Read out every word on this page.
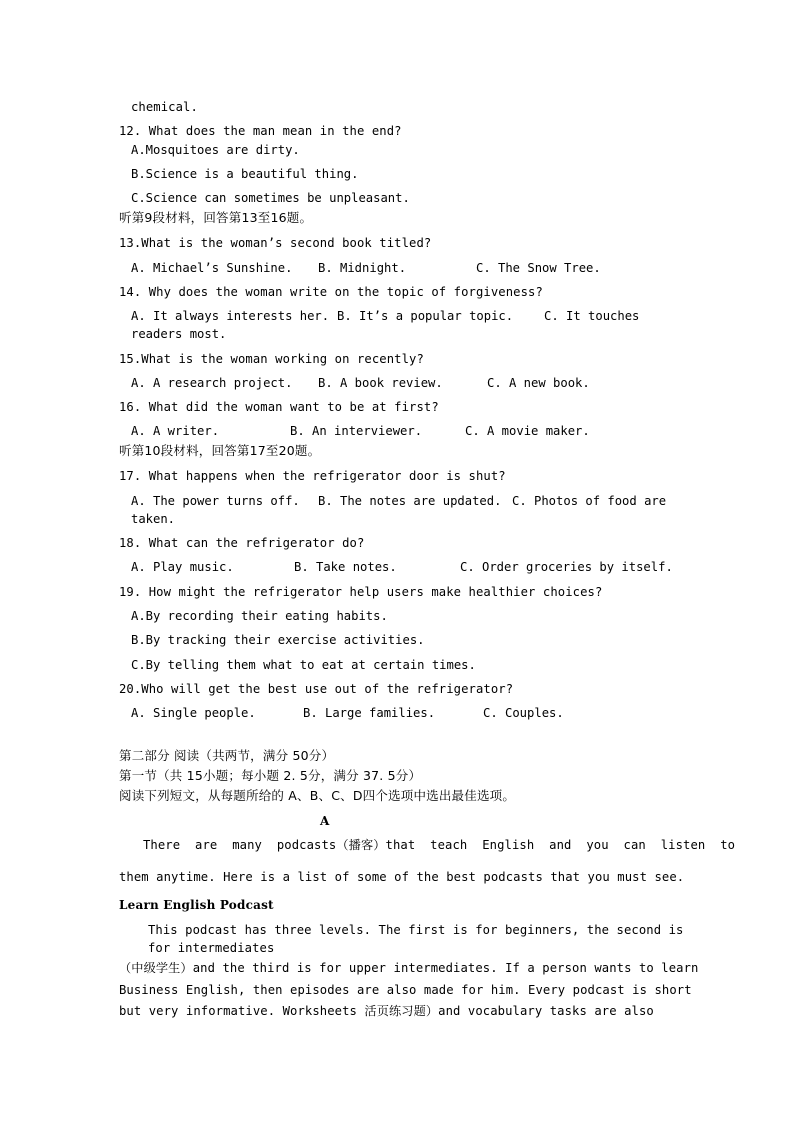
chemical.
12. What does the man mean in the end?
A.Mosquitoes are dirty.
B.Science is a beautiful thing.
C.Science can sometimes be unpleasant.
听第9段材料，回答第13至16题。
13.What is the woman’s second book titled?
A. Michael’s Sunshine. B. Midnight.	C. The Snow Tree.
14. Why does the woman write on the topic of forgiveness?
A. It always interests her. B. It’s a popular topic.	C. It touches
readers most.
15.What is the woman working on recently?
A. A research project. B. A book review.	C. A new book.
16. What did the woman want to be at first?
A. A writer.	B. An interviewer.	C. A movie maker.
听第10段材料，回答第17至20题。
17. What happens when the refrigerator door is shut?
A. The power turns off. B. The notes are updated. C. Photos of food are
taken.
18. What can the refrigerator do?
A. Play music.	B. Take notes.	C. Order groceries by itself.
19. How might the refrigerator help users make healthier choices?
A.By recording their eating habits.
B.By tracking their exercise activities.
C.By telling them what to eat at certain times.
20.Who will get the best use out of the refrigerator?
A. Single people.	B. Large families.	C. Couples.
第二部分 阅读（共两节，满分 50分）
第一节（共 15小题；每小题 2. 5分，满分 37. 5分）
阅读下列短文，从每题所给的 A、B、C、D四个选项中选出最佳选项。
A
There  are  many  podcasts（播客）that  teach  English  and  you  can  listen  to
them anytime. Here is a list of some of the best podcasts that you must see.
Learn English Podcast
This podcast has three levels. The first is for beginners, the second is
for intermediates
（中级学生）and the third is for upper intermediates. If a person wants to learn
Business English, then episodes are also made for him. Every podcast is short
but very informative. Worksheets 活页练习题）and vocabulary tasks are also
